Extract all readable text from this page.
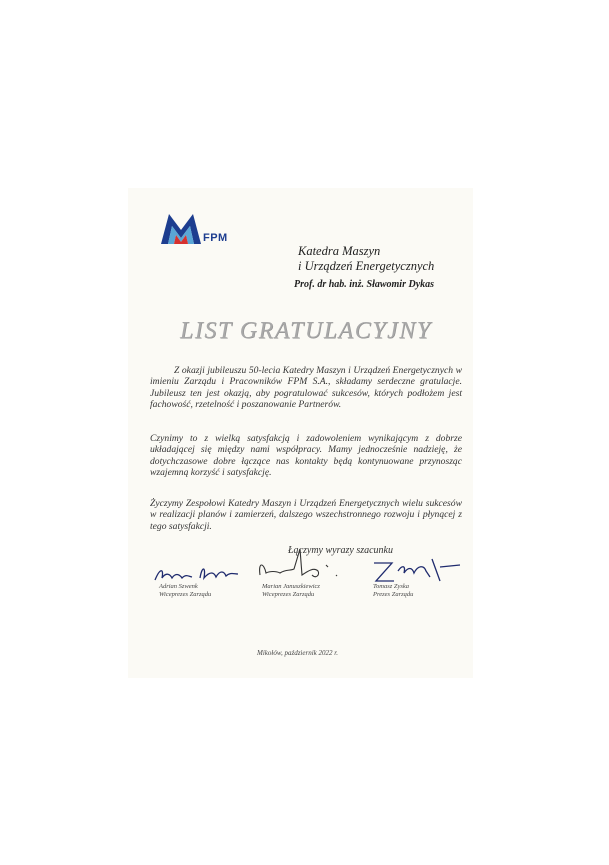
FPM
Katedra Maszyn
i Urządzeń Energetycznych
Prof. dr hab. inż. Sławomir Dykas
LIST GRATULACYJNY

Z okazji jubileuszu 50-lecia Katedry Maszyn i Urządzeń Energetycznych w imieniu Zarządu i Pracowników FPM S.A., składamy serdeczne gratulacje. Jubileusz ten jest okazją, aby pogratulować sukcesów, których podłożem jest fachowość, rzetelność i poszanowanie Partnerów.

Czynimy to z wielką satysfakcją i zadowoleniem wynikającym z dobrze układającej się między nami współpracy. Mamy jednocześnie nadzieję, że dotychczasowe dobre łączące nas kontakty będą kontynuowane przynosząc wzajemną korzyść i satysfakcję.

Życzymy Zespołowi Katedry Maszyn i Urządzeń Energetycznych wielu sukcesów w realizacji planów i zamierzeń, dalszego wszechstronnego rozwoju i płynącej z tego satysfakcji.

Łączymy wyrazy szacunku
Adrian Szwenk
Wiceprezes Zarządu
Marian Januszkiewicz
Wiceprezes Zarządu
Tomasz Zyska
Prezes Zarządu
Mikołów, październik 2022 r.
